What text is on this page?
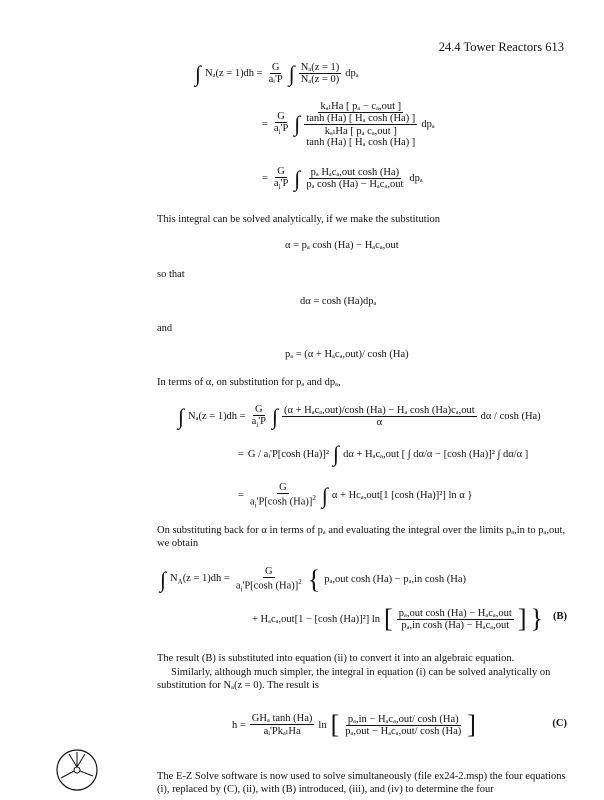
24.4 Tower Reactors 613
∫ $N_a(z = 1)dh = \frac{G}{\text{aᵢ'P}}$ ∫ $\frac{\text{Nₐ(z = 1)}}{\text{Nₐ(z = 0)}}$ dpₐ
= $\frac{G}{a_i'P}$ ∫
kₐₗHa [ pₐ − cₐ,out ]
tanh (Ha) [ Hₐ cosh (Ha) ]
kₐₗHa [ pₐ cₐ,out ]
tanh (Ha) [ Hₐ cosh (Ha) ]
dpₐ
= $\frac{G}{a_i'P}$ ∫ $\frac{\text{pₐ Hₐcₐ,out cosh (Ha)}}{\text{pₐ cosh (Ha) − Hₐcₐ,out}}$ dpₐ
This integral can be solved analytically, if we make the substitution
α = pₐ cosh (Ha) − Hₐcₐ,out
so that
dα = cosh (Ha)dpₐ
and
pₐ = (α + Hₐcₐ,out)/ cosh (Ha)
In terms of α, on substitution for pₐ and dpₐ,
∫ $N_a(z = 1)dh = \frac{G}{a_i'P}$ ∫ $\frac{\text{(α + Hₐcₐ,out)/cosh (Ha) − Hₐ cosh (Ha)cₐ,out}}{\alpha}$ dα / cosh (Ha)
= G / aᵢ'P[cosh (Ha)]² ∫ dα + Hₐcₐ,out [ ∫ dα/α − [cosh (Ha)]² ∫ dα/α ]
= $\frac{G}{a_i'P[\cosh (Ha)]^2}$ ∫ α + Hcₐ,out[1 [cosh (Ha)]²] ln α }
On substituting back for α in terms of pₐ and evaluating the integral over the limits pₐ,in to pₐ,out, we obtain
∫ $N_A(z = 1)dh = \frac{G}{a_i'P[\cosh (Ha)]^2}$ { pₐ,out cosh (Ha) − pₐ,in cosh (Ha)
+ Hₐcₐ,out[1 − [cosh (Ha)]²] ln [ $\frac{\text{pₐ,out cosh (Ha) − Hₐcₐ,out}}{\text{pₐ,in cosh (Ha) − Hₐcₐ,out}}$ ] } (B)
The result (B) is substituted into equation (ii) to convert it into an algebraic equation.
Similarly, although much simpler, the integral in equation (i) can be solved analytically on substitution for Nₐ(z = 0). The result is
$h = \frac{\text{GHₐ tanh (Ha)}}{\text{aᵢ'PkₐₗHa}}$ ln [ $\frac{\text{pₐ,in − Hₐcₐ,out/ cosh (Ha)}}{\text{pₐ,out − Hₐcₐ,out/ cosh (Ha)}}$ ]	(C)
The E-Z Solve software is now used to solve simultaneously (file ex24-2.msp) the four equations (i), replaced by (C), (ii), with (B) introduced, (iii), and (iv) to determine the four
